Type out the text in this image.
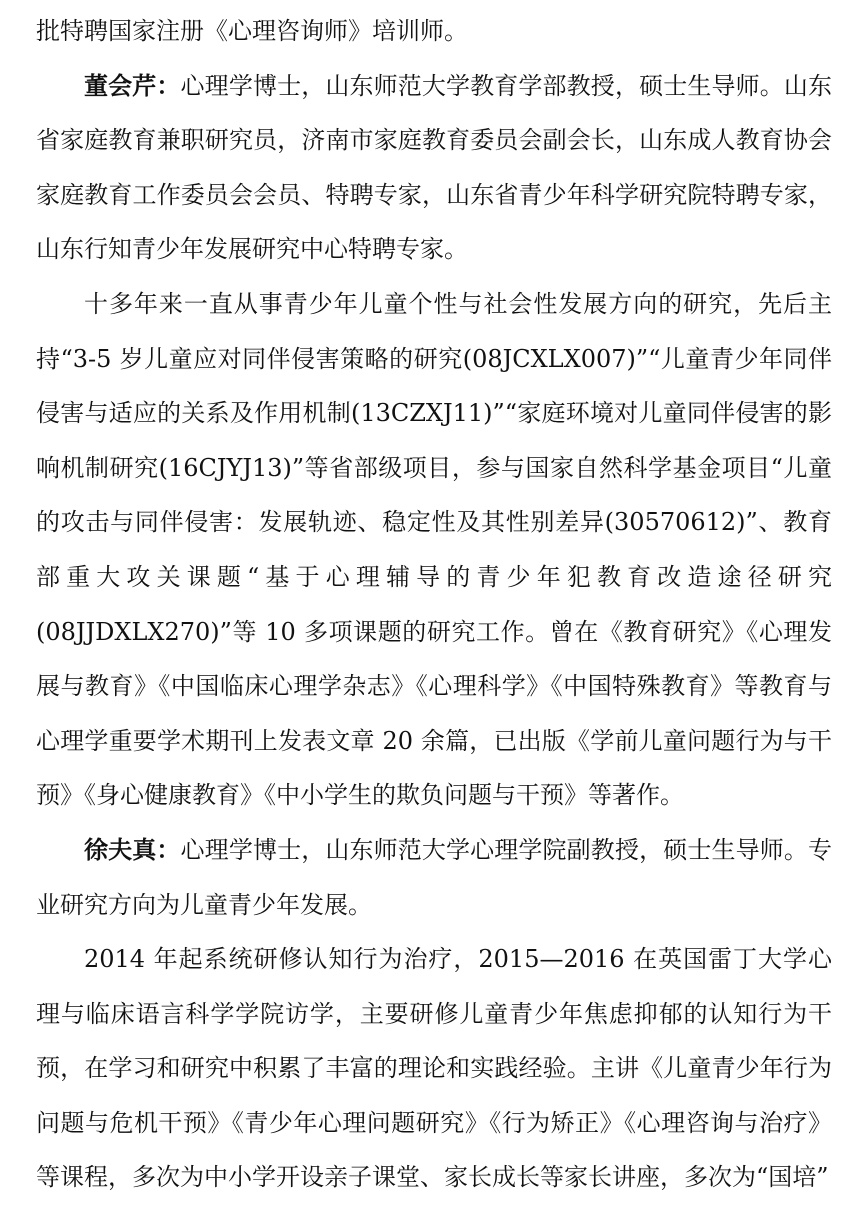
批特聘国家注册《心理咨询师》培训师。

董会芹：心理学博士，山东师范大学教育学部教授，硕士生导师。山东省家庭教育兼职研究员，济南市家庭教育委员会副会长，山东成人教育协会家庭教育工作委员会会员、特聘专家，山东省青少年科学研究院特聘专家，山东行知青少年发展研究中心特聘专家。

十多年来一直从事青少年儿童个性与社会性发展方向的研究，先后主持“3-5 岁儿童应对同伴侵害策略的研究(08JCXLX007)”“儿童青少年同伴侵害与适应的关系及作用机制(13CZXJ11)”“家庭环境对儿童同伴侵害的影响机制研究(16CJYJ13)”等省部级项目，参与国家自然科学基金项目“儿童的攻击与同伴侵害：发展轨迹、稳定性及其性别差异(30570612)”、教育部重大攻关课题“基于心理辅导的青少年犯教育改造途径研究(08JJDXLX270)”等 10 多项课题的研究工作。曾在《教育研究》《心理发展与教育》《中国临床心理学杂志》《心理科学》《中国特殊教育》等教育与心理学重要学术期刊上发表文章 20 余篇，已出版《学前儿童问题行为与干预》《身心健康教育》《中小学生的欺负问题与干预》等著作。

徐夫真：心理学博士，山东师范大学心理学院副教授，硕士生导师。专业研究方向为儿童青少年发展。

2014 年起系统研修认知行为治疗，2015—2016 在英国雷丁大学心理与临床语言科学学院访学，主要研修儿童青少年焦虑抑郁的认知行为干预，在学习和研究中积累了丰富的理论和实践经验。主讲《儿童青少年行为问题与危机干预》《青少年心理问题研究》《行为矫正》《心理咨询与治疗》等课程，多次为中小学开设亲子课堂、家长成长等家长讲座，多次为“国培”
